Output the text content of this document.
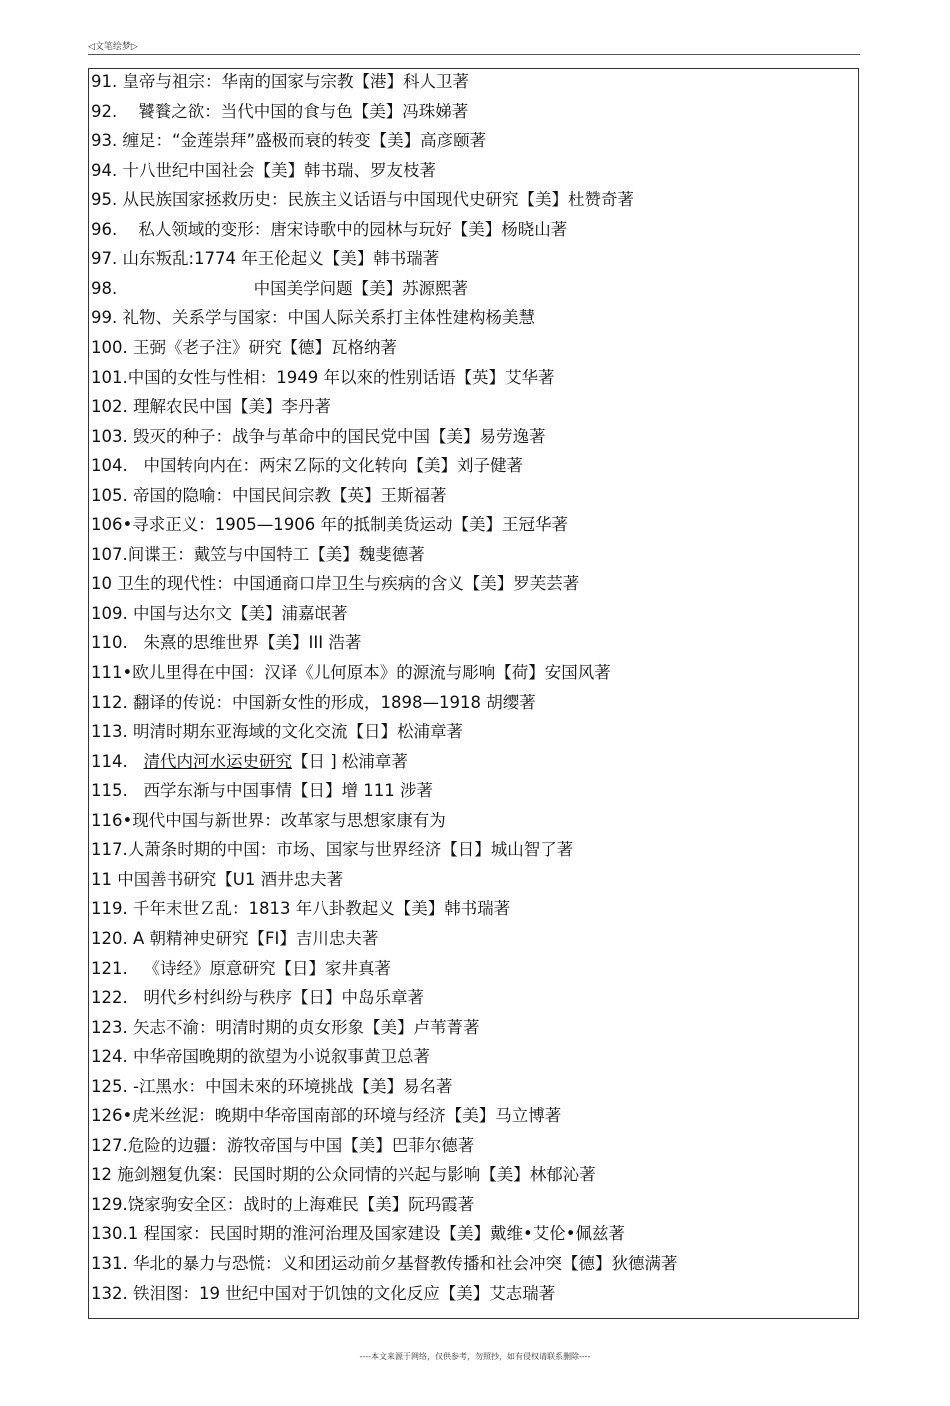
◁文笔绘梦▷
91. 皇帝与祖宗：华南的国家与宗教【港】科人卫著
92. 饕餮之欲：当代中国的食与色【美】冯珠娣著
93. 缠足：“金莲崇拜”盛极而衰的转变【美】高彦颐著
94. 十八世纪中国社会【美】韩书瑞、罗友枝著
95. 从民族国家拯救历史：民族主义话语与中国现代史研究【美】杜赞奇著
96. 私人领域的变形：唐宋诗歌中的园林与玩好【美】杨晓山著
97. 山东叛乱:1774 年王伦起义【美】韩书瑞著
98.	中国美学问题【美】苏源熙著
99. 礼物、关系学与国家：中国人际关系打主体性建构杨美慧
100. 王弼《老子注》研究【德】瓦格纳著
101.中国的女性与性相：1949 年以來的性别话语【英】艾华著
102. 理解农民中国【美】李丹著
103. 毁灭的种子：战争与革命中的国民党中国【美】易劳逸著
104. 中国转向内在：两宋Ｚ际的文化转向【美】刘子健著
105. 帝国的隐喻：中国民间宗教【英】王斯福著
106•寻求正义：1905—1906 年的抵制美货运动【美】王冠华著
107.间谍王：戴笠与中国特工【美】魏斐德著
10 卫生的现代性：中国通商口岸卫生与疾病的含义【美】罗芙芸著
109. 中国与达尔文【美】浦嘉氓著
110. 朱熹的思维世界【美】III 浩著
111•欧儿里得在中国：汉译《儿何原本》的源流与彫响【荷】安国风著
112. 翻译的传说：中国新女性的形成，1898—1918 胡缨著
113. 明清时期东亚海域的文化交流【日】松浦章著
114. 清代内河水运史研究【日 ] 松浦章著
115. 西学东渐与中国事情【日】增 111 涉著
116•现代中国与新世界：改革家与思想家康有为
117.人萧条时期的中国：市场、国家与世界经济【日】城山智了著
11 中国善书研究【U1 酒井忠夫著
119. 千年末世Ｚ乱：1813 年八卦教起义【美】韩书瑞著
120. A 朝精神史研究【FI】吉川忠夫著
121. 《诗经》原意研究【日】家井真著
122. 明代乡村纠纷与秩序【日】中岛乐章著
123. 矢志不渝：明清时期的贞女形象【美】卢苇菁著
124. 中华帝国晚期的欲望为小说叙事黄卫总著
125. -江黑水：中国未來的环境挑战【美】易名著
126•虎米丝泥：晚期中华帝国南部的环境与经济【美】马立博著
127.危险的边疆：游牧帝国与中国【美】巴菲尔德著
12 施剑翘复仇案：民国时期的公众同情的兴起与影响【美】林郁沁著
129.饶家驹安全区：战时的上海难民【美】阮玛霞著
130.1 程国家：民国时期的淮河治理及国家建设【美】戴维•艾伦•佩兹著
131. 华北的暴力与恐慌：义和团运动前夕基督教传播和社会冲突【德】狄德满著
132. 铁泪图：19 世纪中国对于饥蚀的文化反应【美】艾志瑞著
----本文来源于网络，仅供参考，勿照抄，如有侵权请联系删除----
